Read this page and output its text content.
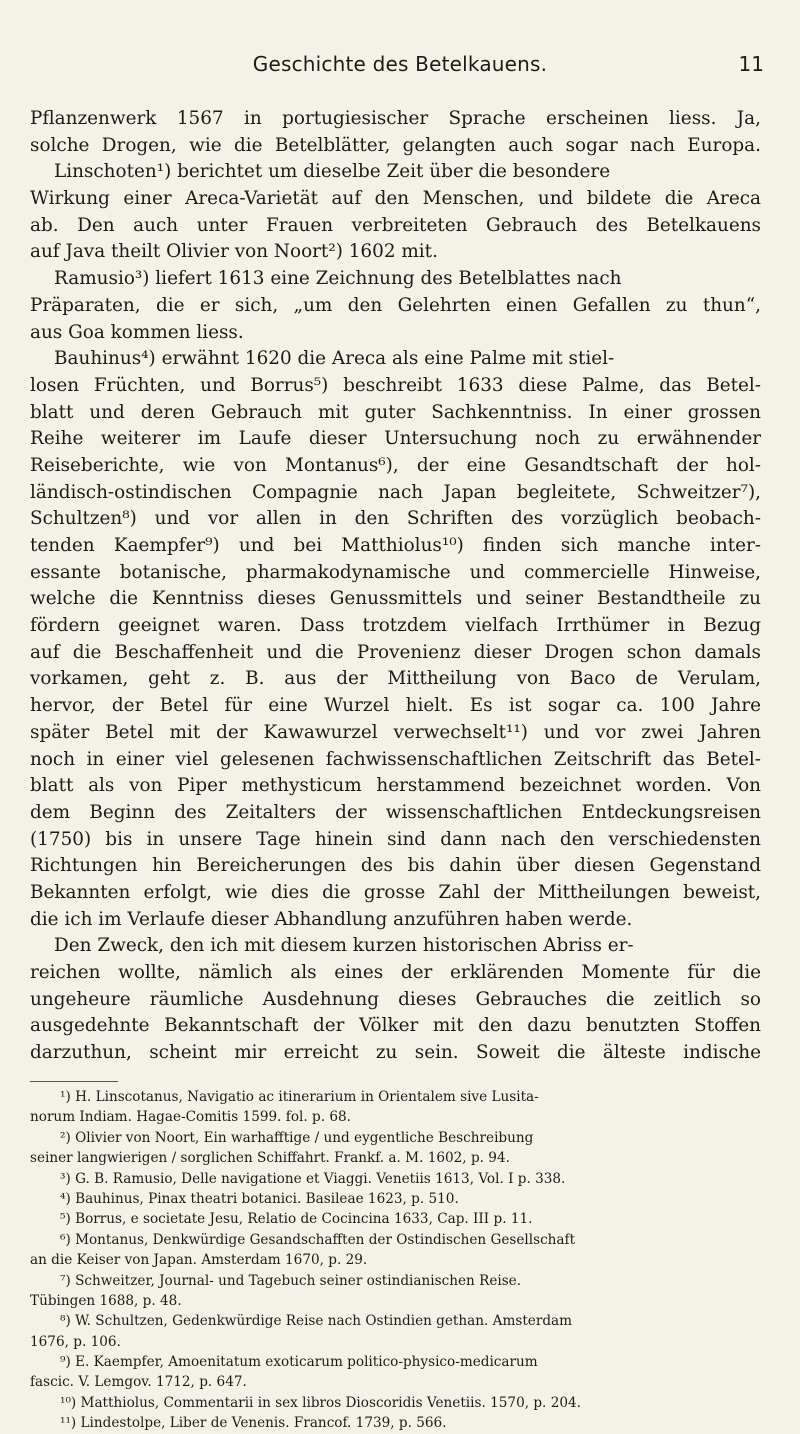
Geschichte des Betelkauens.	11
Pflanzenwerk 1567 in portugiesischer Sprache erscheinen liess. Ja,
solche Drogen, wie die Betelblätter, gelangten auch sogar nach Europa.
Linschoten¹) berichtet um dieselbe Zeit über die besondere
Wirkung einer Areca-Varietät auf den Menschen, und bildete die Areca
ab. Den auch unter Frauen verbreiteten Gebrauch des Betelkauens
auf Java theilt Olivier von Noort²) 1602 mit.
Ramusio³) liefert 1613 eine Zeichnung des Betelblattes nach
Präparaten, die er sich, „um den Gelehrten einen Gefallen zu thun“,
aus Goa kommen liess.
Bauhinus⁴) erwähnt 1620 die Areca als eine Palme mit stiel-
losen Früchten, und Borrus⁵) beschreibt 1633 diese Palme, das Betel-
blatt und deren Gebrauch mit guter Sachkenntniss. In einer grossen
Reihe weiterer im Laufe dieser Untersuchung noch zu erwähnender
Reiseberichte, wie von Montanus⁶), der eine Gesandtschaft der hol-
ländisch-ostindischen Compagnie nach Japan begleitete, Schweitzer⁷),
Schultzen⁸) und vor allen in den Schriften des vorzüglich beobach-
tenden Kaempfer⁹) und bei Matthiolus¹⁰) finden sich manche inter-
essante botanische, pharmakodynamische und commercielle Hinweise,
welche die Kenntniss dieses Genussmittels und seiner Bestandtheile zu
fördern geeignet waren. Dass trotzdem vielfach Irrthümer in Bezug
auf die Beschaffenheit und die Provenienz dieser Drogen schon damals
vorkamen, geht z. B. aus der Mittheilung von Baco de Verulam,
hervor, der Betel für eine Wurzel hielt. Es ist sogar ca. 100 Jahre
später Betel mit der Kawawurzel verwechselt¹¹) und vor zwei Jahren
noch in einer viel gelesenen fachwissenschaftlichen Zeitschrift das Betel-
blatt als von Piper methysticum herstammend bezeichnet worden. Von
dem Beginn des Zeitalters der wissenschaftlichen Entdeckungsreisen
(1750) bis in unsere Tage hinein sind dann nach den verschiedensten
Richtungen hin Bereicherungen des bis dahin über diesen Gegenstand
Bekannten erfolgt, wie dies die grosse Zahl der Mittheilungen beweist,
die ich im Verlaufe dieser Abhandlung anzuführen haben werde.
Den Zweck, den ich mit diesem kurzen historischen Abriss er-
reichen wollte, nämlich als eines der erklärenden Momente für die
ungeheure räumliche Ausdehnung dieses Gebrauches die zeitlich so
ausgedehnte Bekanntschaft der Völker mit den dazu benutzten Stoffen
darzuthun, scheint mir erreicht zu sein. Soweit die älteste indische
¹) H. Linscotanus, Navigatio ac itinerarium in Orientalem sive Lusita-
norum Indiam. Hagae-Comitis 1599. fol. p. 68.
²) Olivier von Noort, Ein warhafftige / und eygentliche Beschreibung
seiner langwierigen / sorglichen Schiffahrt. Frankf. a. M. 1602, p. 94.
³) G. B. Ramusio, Delle navigatione et Viaggi. Venetiis 1613, Vol. I p. 338.
⁴) Bauhinus, Pinax theatri botanici. Basileae 1623, p. 510.
⁵) Borrus, e societate Jesu, Relatio de Cocincina 1633, Cap. III p. 11.
⁶) Montanus, Denkwürdige Gesandschafften der Ostindischen Gesellschaft
an die Keiser von Japan. Amsterdam 1670, p. 29.
⁷) Schweitzer, Journal- und Tagebuch seiner ostindianischen Reise.
Tübingen 1688, p. 48.
⁸) W. Schultzen, Gedenkwürdige Reise nach Ostindien gethan. Amsterdam
1676, p. 106.
⁹) E. Kaempfer, Amoenitatum exoticarum politico-physico-medicarum
fascic. V. Lemgov. 1712, p. 647.
¹⁰) Matthiolus, Commentarii in sex libros Dioscoridis Venetiis. 1570, p. 204.
¹¹) Lindestolpe, Liber de Venenis. Francof. 1739, p. 566.
